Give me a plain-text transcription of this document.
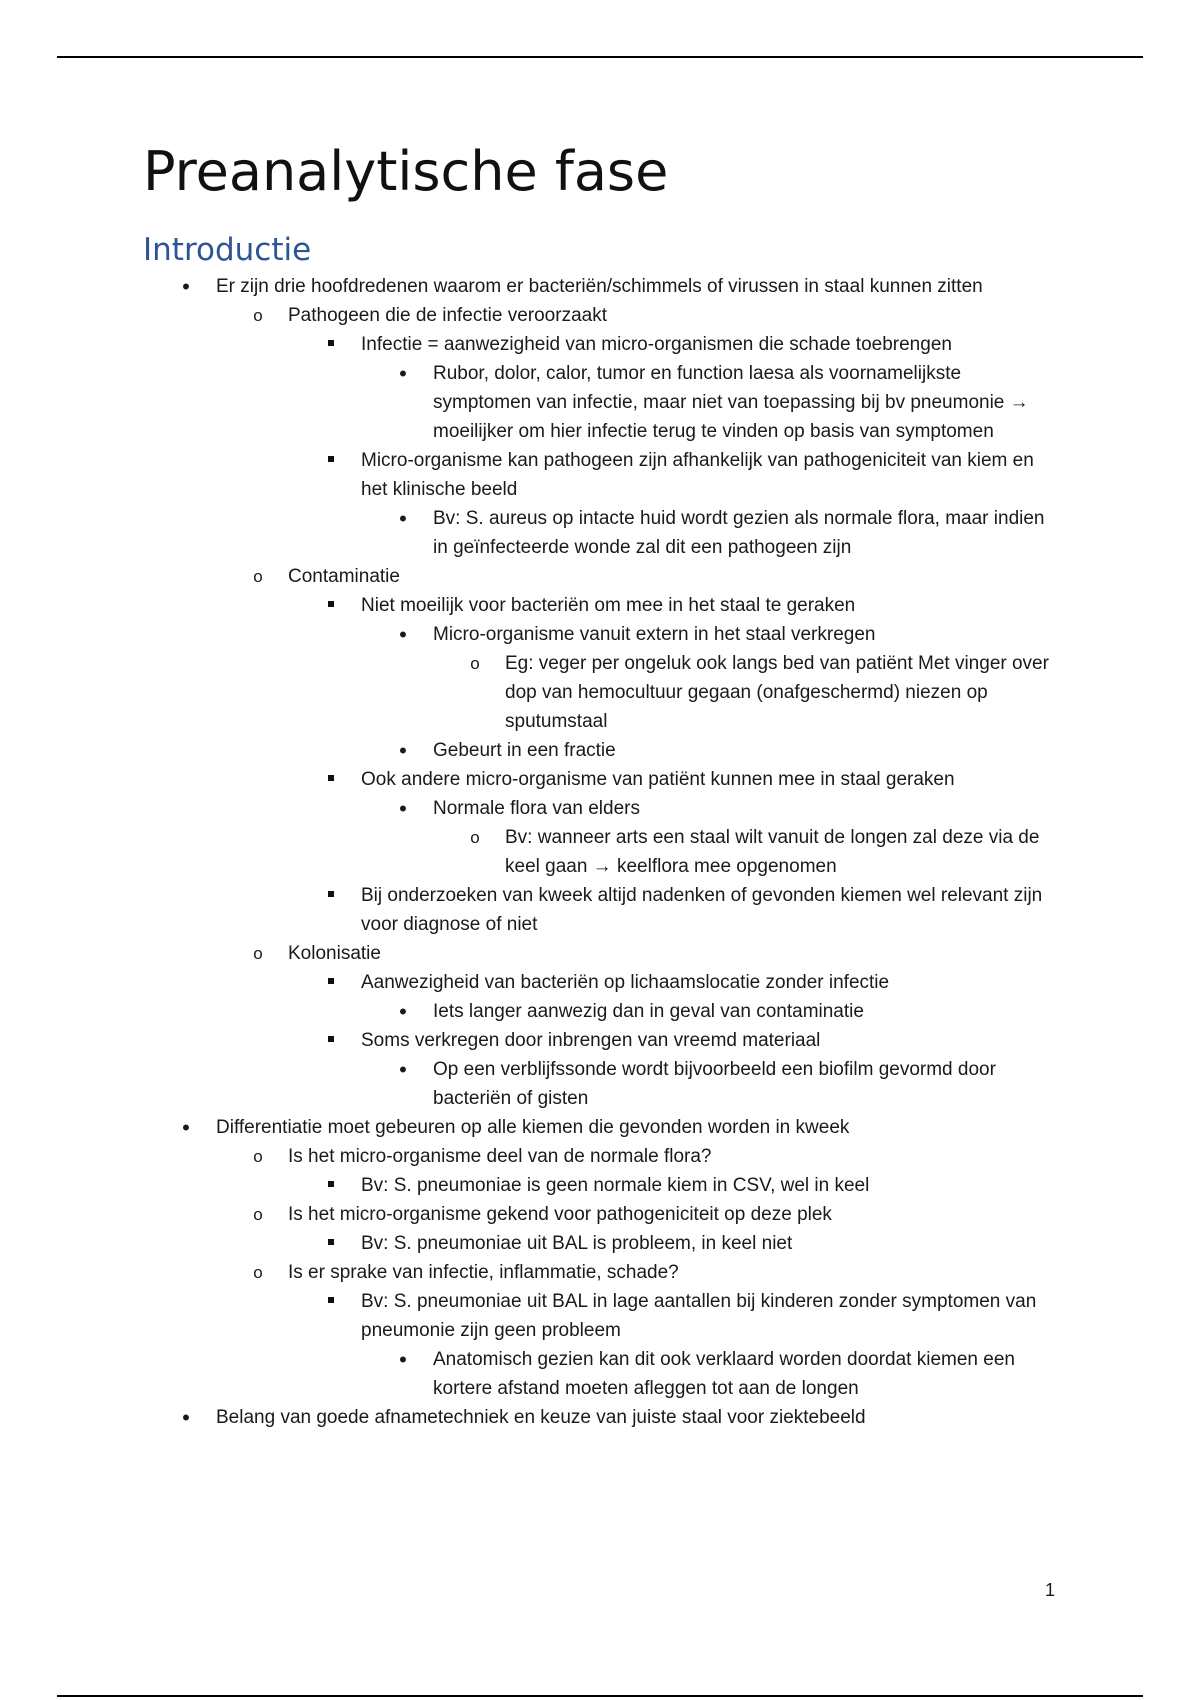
Preanalytische fase
Introductie
•
Er zijn drie hoofdredenen waarom er bacteriën/schimmels of virussen in staal kunnen zitten
o
Pathogeen die de infectie veroorzaakt
Infectie = aanwezigheid van micro-organismen die schade toebrengen
•
Rubor, dolor, calor, tumor en function laesa als voornamelijkste symptomen van infectie, maar niet van toepassing bij bv pneumonie → moeilijker om hier infectie terug te vinden op basis van symptomen
Micro-organisme kan pathogeen zijn afhankelijk van pathogeniciteit van kiem en het klinische beeld
•
Bv: S. aureus op intacte huid wordt gezien als normale flora, maar indien in geïnfecteerde wonde zal dit een pathogeen zijn
o
Contaminatie
Niet moeilijk voor bacteriën om mee in het staal te geraken
•
Micro-organisme vanuit extern in het staal verkregen
o
Eg: veger per ongeluk ook langs bed van patiënt Met vinger over dop van hemocultuur gegaan (onafgeschermd) niezen op sputumstaal
•
Gebeurt in een fractie
Ook andere micro-organisme van patiënt kunnen mee in staal geraken
•
Normale flora van elders
o
Bv: wanneer arts een staal wilt vanuit de longen zal deze via de keel gaan → keelflora mee opgenomen
Bij onderzoeken van kweek altijd nadenken of gevonden kiemen wel relevant zijn voor diagnose of niet
o
Kolonisatie
Aanwezigheid van bacteriën op lichaamslocatie zonder infectie
•
Iets langer aanwezig dan in geval van contaminatie
Soms verkregen door inbrengen van vreemd materiaal
•
Op een verblijfssonde wordt bijvoorbeeld een biofilm gevormd door bacteriën of gisten
•
Differentiatie moet gebeuren op alle kiemen die gevonden worden in kweek
o
Is het micro-organisme deel van de normale flora?
Bv: S. pneumoniae is geen normale kiem in CSV, wel in keel
o
Is het micro-organisme gekend voor pathogeniciteit op deze plek
Bv: S. pneumoniae uit BAL is probleem, in keel niet
o
Is er sprake van infectie, inflammatie, schade?
Bv: S. pneumoniae uit BAL in lage aantallen bij kinderen zonder symptomen van pneumonie zijn geen probleem
•
Anatomisch gezien kan dit ook verklaard worden doordat kiemen een kortere afstand moeten afleggen tot aan de longen
•
Belang van goede afnametechniek en keuze van juiste staal voor ziektebeeld
1
